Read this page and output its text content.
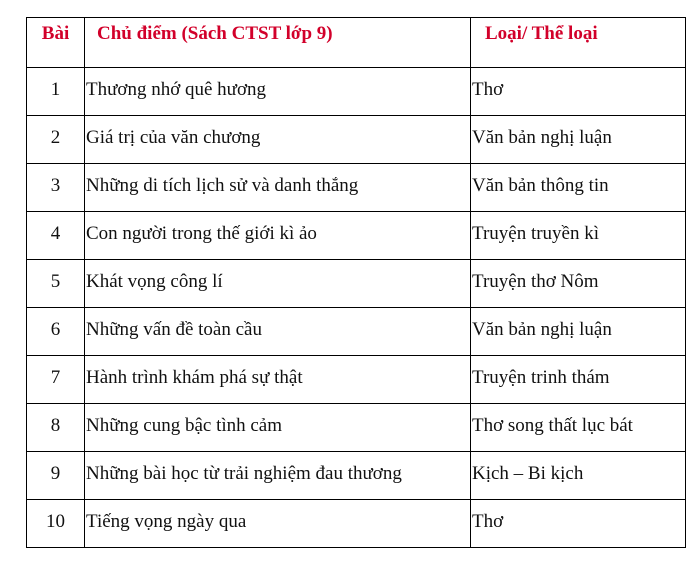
Bài	Chủ điểm (Sách CTST lớp 9)	Loại/ Thể loại
1	Thương nhớ quê hương	Thơ
2	Giá trị của văn chương	Văn bản nghị luận
3	Những di tích lịch sử và danh thắng	Văn bản thông tin
4	Con người trong thế giới kì ảo	Truyện truyền kì
5	Khát vọng công lí	Truyện thơ Nôm
6	Những vấn đề toàn cầu	Văn bản nghị luận
7	Hành trình khám phá sự thật	Truyện trinh thám
8	Những cung bậc tình cảm	Thơ song thất lục bát
9	Những bài học từ trải nghiệm đau thương	Kịch – Bi kịch
10	Tiếng vọng ngày qua	Thơ
